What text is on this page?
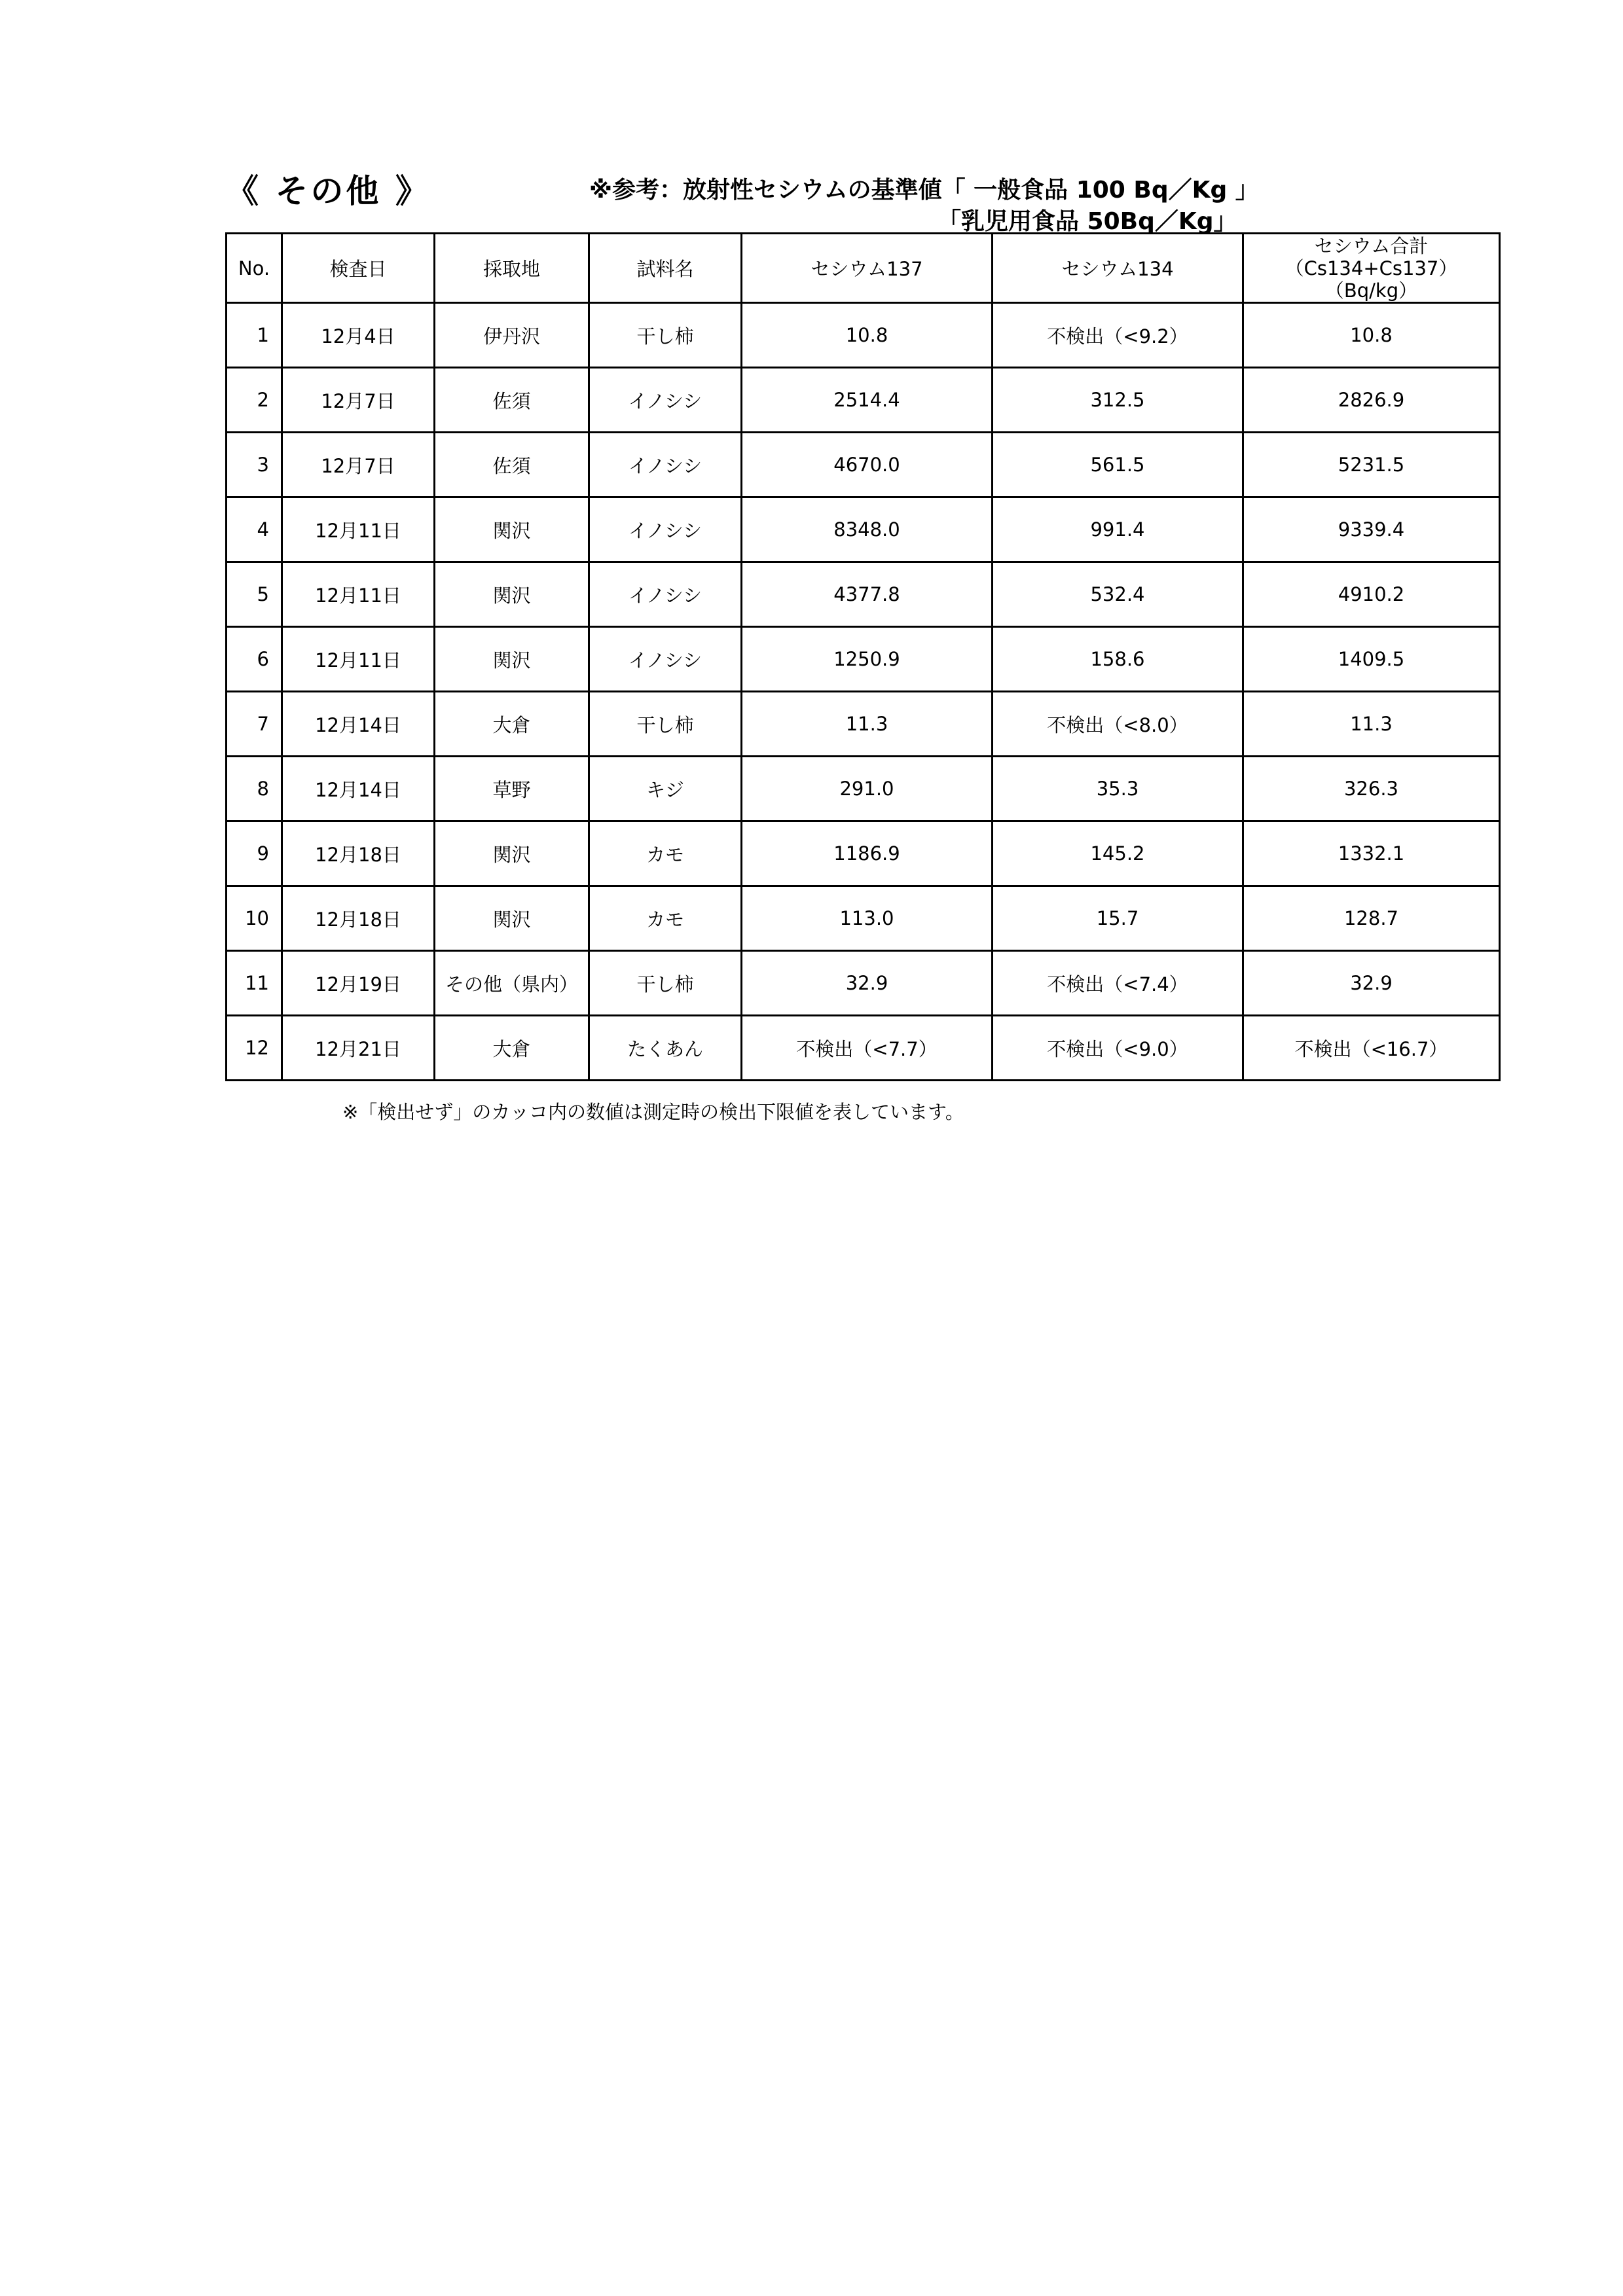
《 その他 》	※参考：放射性セシウムの基準値「 一般食品 100 Bq／Kg 」
「乳児用食品 50Bq／Kg」
No.	検査日	採取地	試料名	セシウム137	セシウム134	セシウム合計
（Cs134+Cs137）
（Bq/kg）

1	12月4日	伊丹沢	干し柿	10.8	不検出（<9.2）	10.8
2	12月7日	佐須	イノシシ	2514.4	312.5	2826.9
3	12月7日	佐須	イノシシ	4670.0	561.5	5231.5
4	12月11日	関沢	イノシシ	8348.0	991.4	9339.4
5	12月11日	関沢	イノシシ	4377.8	532.4	4910.2
6	12月11日	関沢	イノシシ	1250.9	158.6	1409.5
7	12月14日	大倉	干し柿	11.3	不検出（<8.0）	11.3
8	12月14日	草野	キジ	291.0	35.3	326.3
9	12月18日	関沢	カモ	1186.9	145.2	1332.1
10	12月18日	関沢	カモ	113.0	15.7	128.7
11	12月19日	その他（県内）	干し柿	32.9	不検出（<7.4）	32.9
12	12月21日	大倉	たくあん	不検出（<7.7）	不検出（<9.0）	不検出（<16.7）
※「検出せず」のカッコ内の数値は測定時の検出下限値を表しています。
